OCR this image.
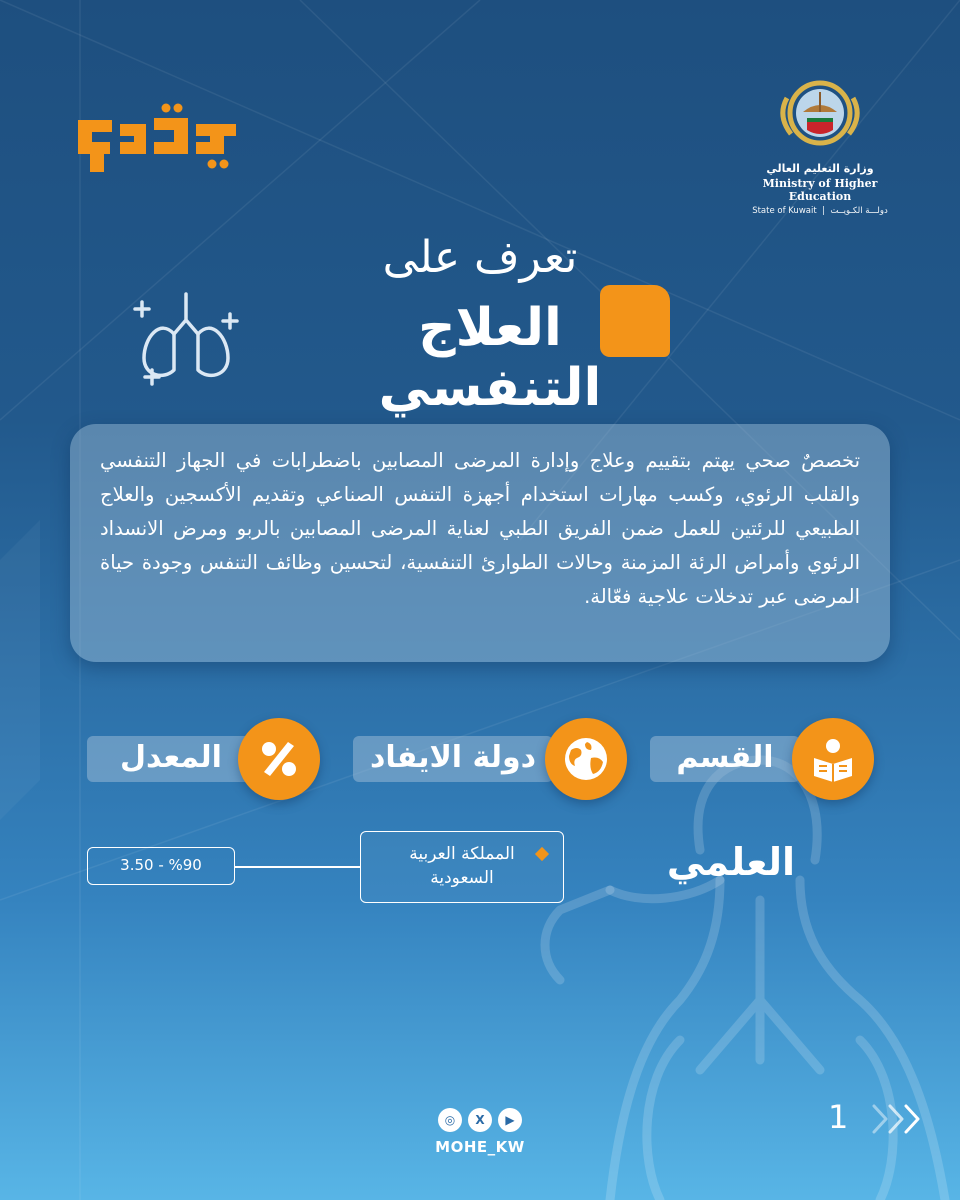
وزارة التعليم العالي
Ministry of Higher Education
State of Kuwait  |  دولـــة الكـويــت
تعرف على
العلاج التنفسي

تخصصٌ صحي يهتم بتقييم وعلاج وإدارة المرضى المصابين باضطرابات في الجهاز التنفسي والقلب الرئوي، وكسب مهارات استخدام أجهزة التنفس الصناعي وتقديم الأكسجين والعلاج الطبيعي للرئتين للعمل ضمن الفريق الطبي لعناية المرضى المصابين بالربو ومرض الانسداد الرئوي وأمراض الرئة المزمنة وحالات الطوارئ التنفسية، لتحسين وظائف التنفس وجودة حياة المرضى عبر تدخلات علاجية فعّالة.

القسم
دولة الايفاد
المعدل
العلمي
المملكة العربية
السعودية
3.50 - %90
◎	X	▶
MOHE_KW
1
